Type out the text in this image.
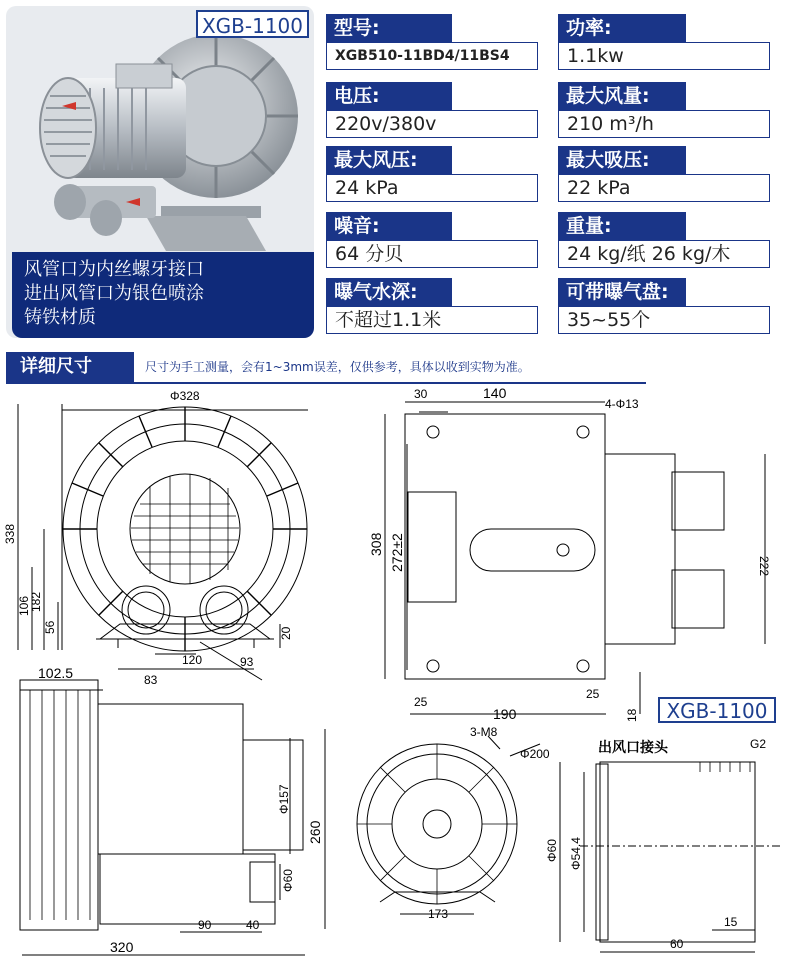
风管口为内丝螺牙接口
进出风管口为银色喷涂
铸铁材质
XGB-1100	型号:
XGB510-11BD4/11BS4
功率:
1.1kw
电压:
220v/380v
最大风量:
210 m³/h
最大风压:
24 kPa
最大吸压:
22 kPa
噪音:
64 分贝
重量:
24 kg/纸 26 kg/木
曝气水深:
不超过1.1米
可带曝气盘:
35~55个
详细尺寸	尺寸为手工测量，会有1~3mm误差，仅供参考，具体以收到实物为准。
Φ328
338
182
106
56
120	93
83
20
30	140
4-Φ13
308 272±2	222
25
190	18
25
102.5
Φ157
260
Φ60
90	40
320
3-M8
Φ200
173
出风口接头	G2
Φ60 Φ54.4
60
15
XGB-1100
